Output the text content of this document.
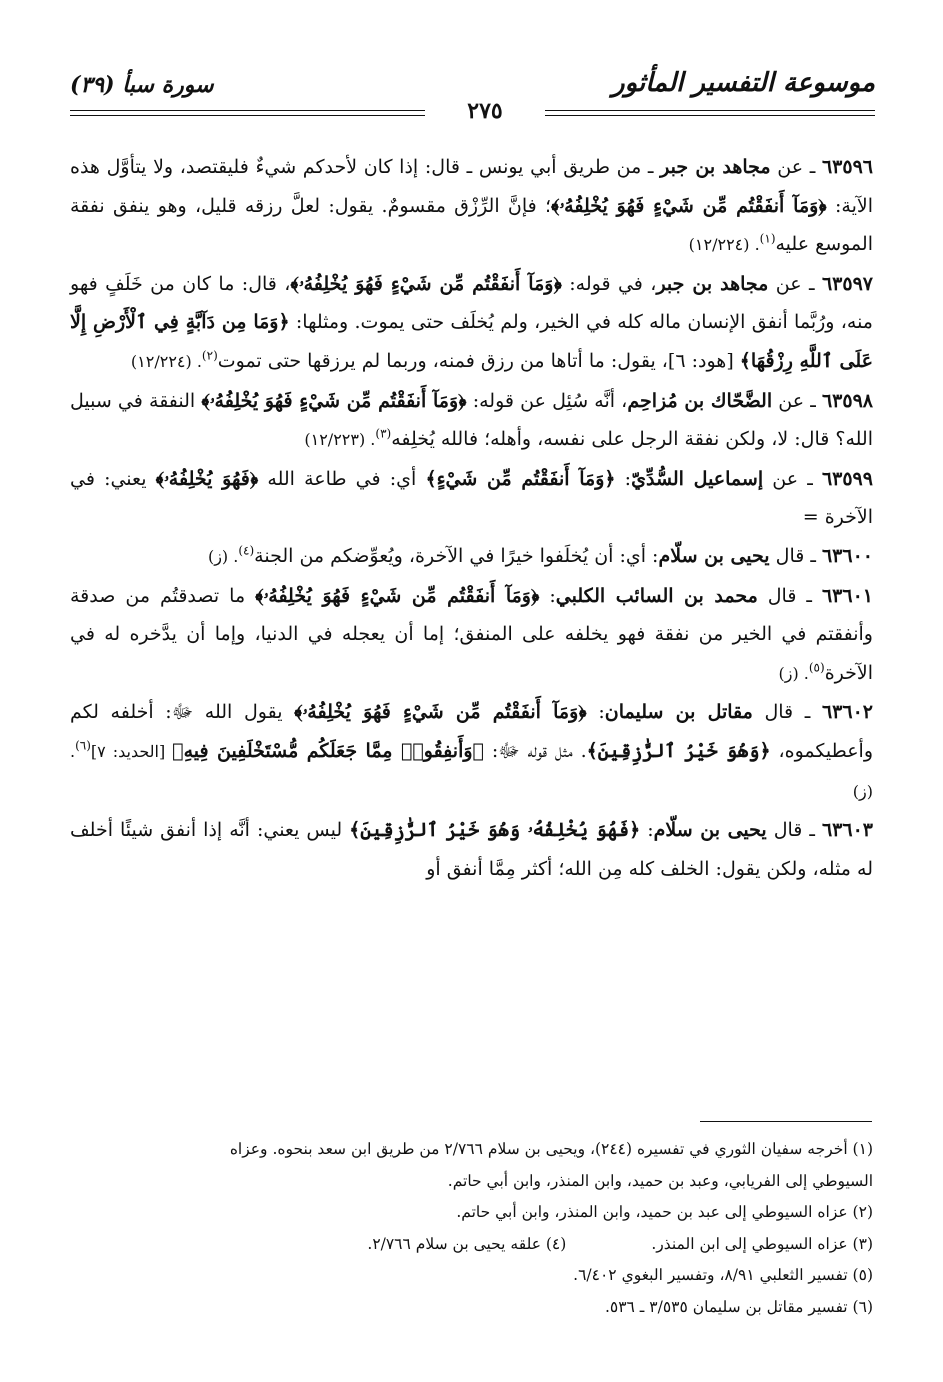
موسوعة التفسير المأثور
٢٧٥
سورة سبأ (٣٩)
٦٣٥٩٦ ـ عن مجاهد بن جبر ـ من طريق أبي يونس ـ قال: إذا كان لأحدكم شيءٌ فليقتصد، ولا يتأوَّل هذه الآية: ﴿وَمَآ أَنفَقْتُم مِّن شَيْءٍ فَهُوَ يُخْلِفُهُۥ﴾؛ فإنَّ الرِّزْق مقسومٌ. يقول: لعلَّ رزقه قليل، وهو ينفق نفقة الموسع عليه$^{(١)}$. (١٢/٢٢٤)
٦٣٥٩٧ ـ عن مجاهد بن جبر، في قوله: ﴿وَمَآ أَنفَقْتُم مِّن شَيْءٍ فَهُوَ يُخْلِفُهُۥ﴾، قال: ما كان من خَلَفٍ فهو منه، ورُبَّما أنفق الإنسان ماله كله في الخير، ولم يُخلَف حتى يموت. ومثلها: ﴿وَمَا مِن دَآبَّةٍ فِي ٱلْأَرْضِ إِلَّا عَلَى ٱللَّهِ رِزْقُهَا﴾ [هود: ٦]، يقول: ما أتاها من رزق فمنه، وربما لم يرزقها حتى تموت$^{(٢)}$. (١٢/٢٢٤)
٦٣٥٩٨ ـ عن الضَّحّاك بن مُزاحِم، أنَّه سُئِل عن قوله: ﴿وَمَآ أَنفَقْتُم مِّن شَيْءٍ فَهُوَ يُخْلِفُهُۥ﴾ النفقة في سبيل الله؟ قال: لا، ولكن نفقة الرجل على نفسه، وأهله؛ فالله يُخلِفه$^{(٣)}$. (١٢/٢٢٣)
٦٣٥٩٩ ـ عن إسماعيل السُّدِّيّ: ﴿وَمَآ أَنفَقْتُم مِّن شَيْءٍ﴾ أي: في طاعة الله ﴿فَهُوَ يُخْلِفُهُۥ﴾ يعني: في الآخرة =
٦٣٦٠٠ ـ قال يحيى بن سلّام: أي: أن يُخلَفوا خيرًا في الآخرة، ويُعوِّضكم من الجنة$^{(٤)}$. (ز)
٦٣٦٠١ ـ قال محمد بن السائب الكلبي: ﴿وَمَآ أَنفَقْتُم مِّن شَيْءٍ فَهُوَ يُخْلِفُهُۥ﴾ ما تصدقتُم من صدقة وأنفقتم في الخير من نفقة فهو يخلفه على المنفق؛ إما أن يعجله في الدنيا، وإما أن يدَّخره له في الآخرة$^{(٥)}$. (ز)
٦٣٦٠٢ ـ قال مقاتل بن سليمان: ﴿وَمَآ أَنفَقْتُم مِّن شَيْءٍ فَهُوَ يُخْلِفُهُۥ﴾ يقول الله ﷻ: أخلفه لكم وأعطيكموه، ﴿وَهُوَ خَيْرُ ٱلرَّٰزِقِينَ﴾. مثل قوله ﷻ: ﴿وَأَنفِقُوا۟ مِمَّا جَعَلَكُم مُّسْتَخْلَفِينَ فِيهِ﴾ [الحديد: ٧]$^{(٦)}$. (ز)
٦٣٦٠٣ ـ قال يحيى بن سلّام: ﴿فَهُوَ يُخْلِفُهُۥ وَهُوَ خَيْرُ ٱلرَّٰزِقِينَ﴾ ليس يعني: أنَّه إذا أنفق شيئًا أخلف له مثله، ولكن يقول: الخلف كله مِن الله؛ أكثر مِمَّا أنفق أو
(١) أخرجه سفيان الثوري في تفسيره (٢٤٤)، ويحيى بن سلام ٢/٧٦٦ من طريق ابن سعد بنحوه. وعزاه
السيوطي إلى الفريابي، وعبد بن حميد، وابن المنذر، وابن أبي حاتم.
(٢) عزاه السيوطي إلى عبد بن حميد، وابن المنذر، وابن أبي حاتم.
(٣) عزاه السيوطي إلى ابن المنذر.
(٤) علقه يحيى بن سلام ٢/٧٦٦.
(٥) تفسير الثعلبي ٨/٩١، وتفسير البغوي ٦/٤٠٢.
(٦) تفسير مقاتل بن سليمان ٣/٥٣٥ ـ ٥٣٦.
